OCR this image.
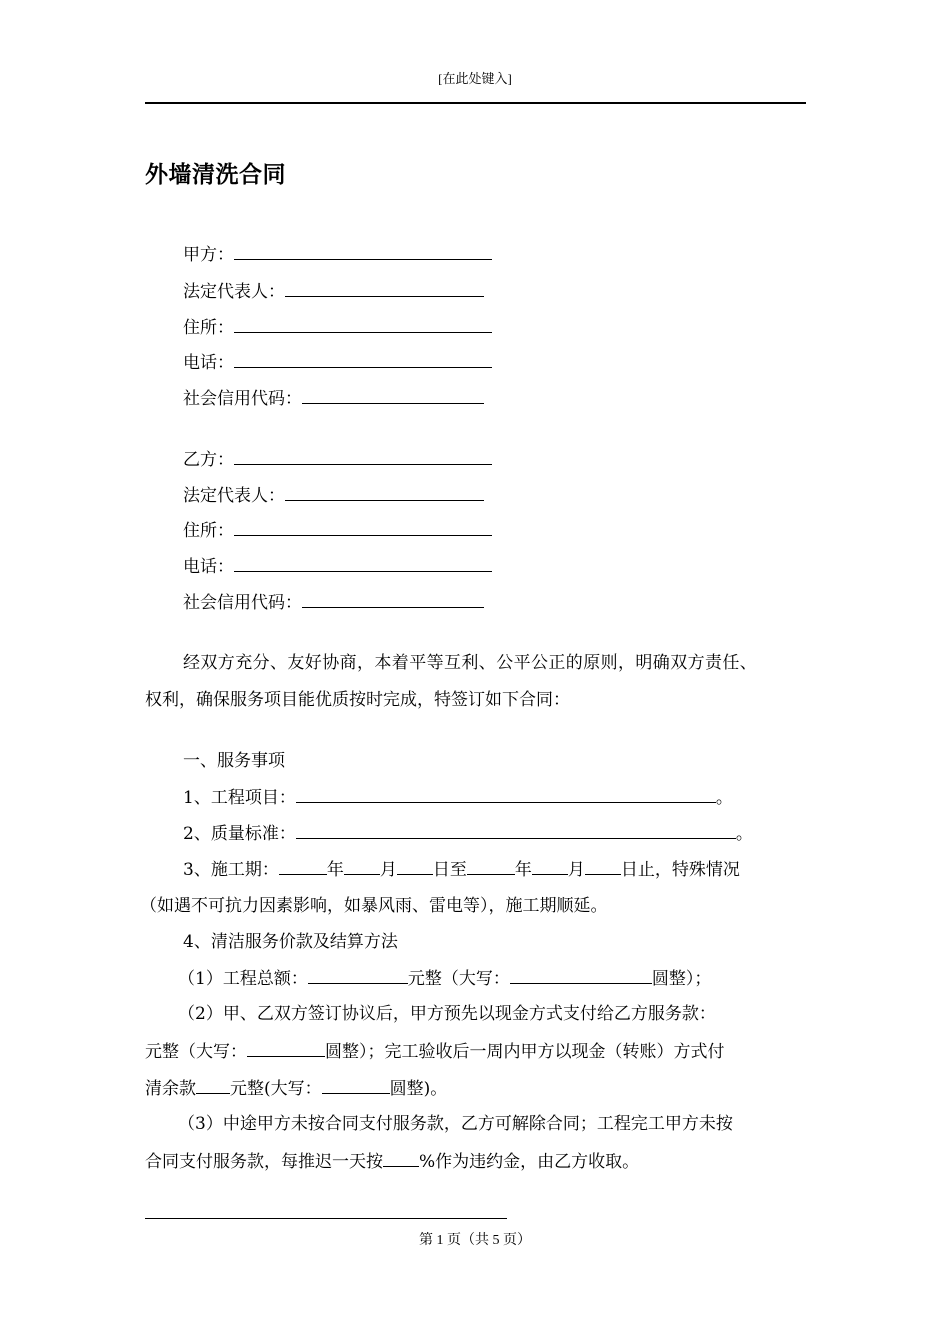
[在此处键入]
外墙清洗合同
甲方：
法定代表人：
住所：
电话：
社会信用代码：
乙方：
法定代表人：
住所：
电话：
社会信用代码：
经双方充分、友好协商，本着平等互利、公平公正的原则，明确双方责任、
权利，确保服务项目能优质按时完成，特签订如下合同：
一、服务事项
1、工程项目：	。
2、质量标准：	。
3、施工期：	年 月 日至	年 月 日止，特殊情况
（如遇不可抗力因素影响，如暴风雨、雷电等），施工期顺延。
4、清洁服务价款及结算方法
（1）工程总额：	元整（大写：	圆整）；
（2）甲、乙双方签订协议后，甲方预先以现金方式支付给乙方服务款：
元整（大写：	圆整）；完工验收后一周内甲方以现金（转账）方式付
清余款 元整(大写：	圆整)。
（3）中途甲方未按合同支付服务款，乙方可解除合同；工程完工甲方未按
合同支付服务款，每推迟一天按 %作为违约金，由乙方收取。
第 1 页（共 5 页）
